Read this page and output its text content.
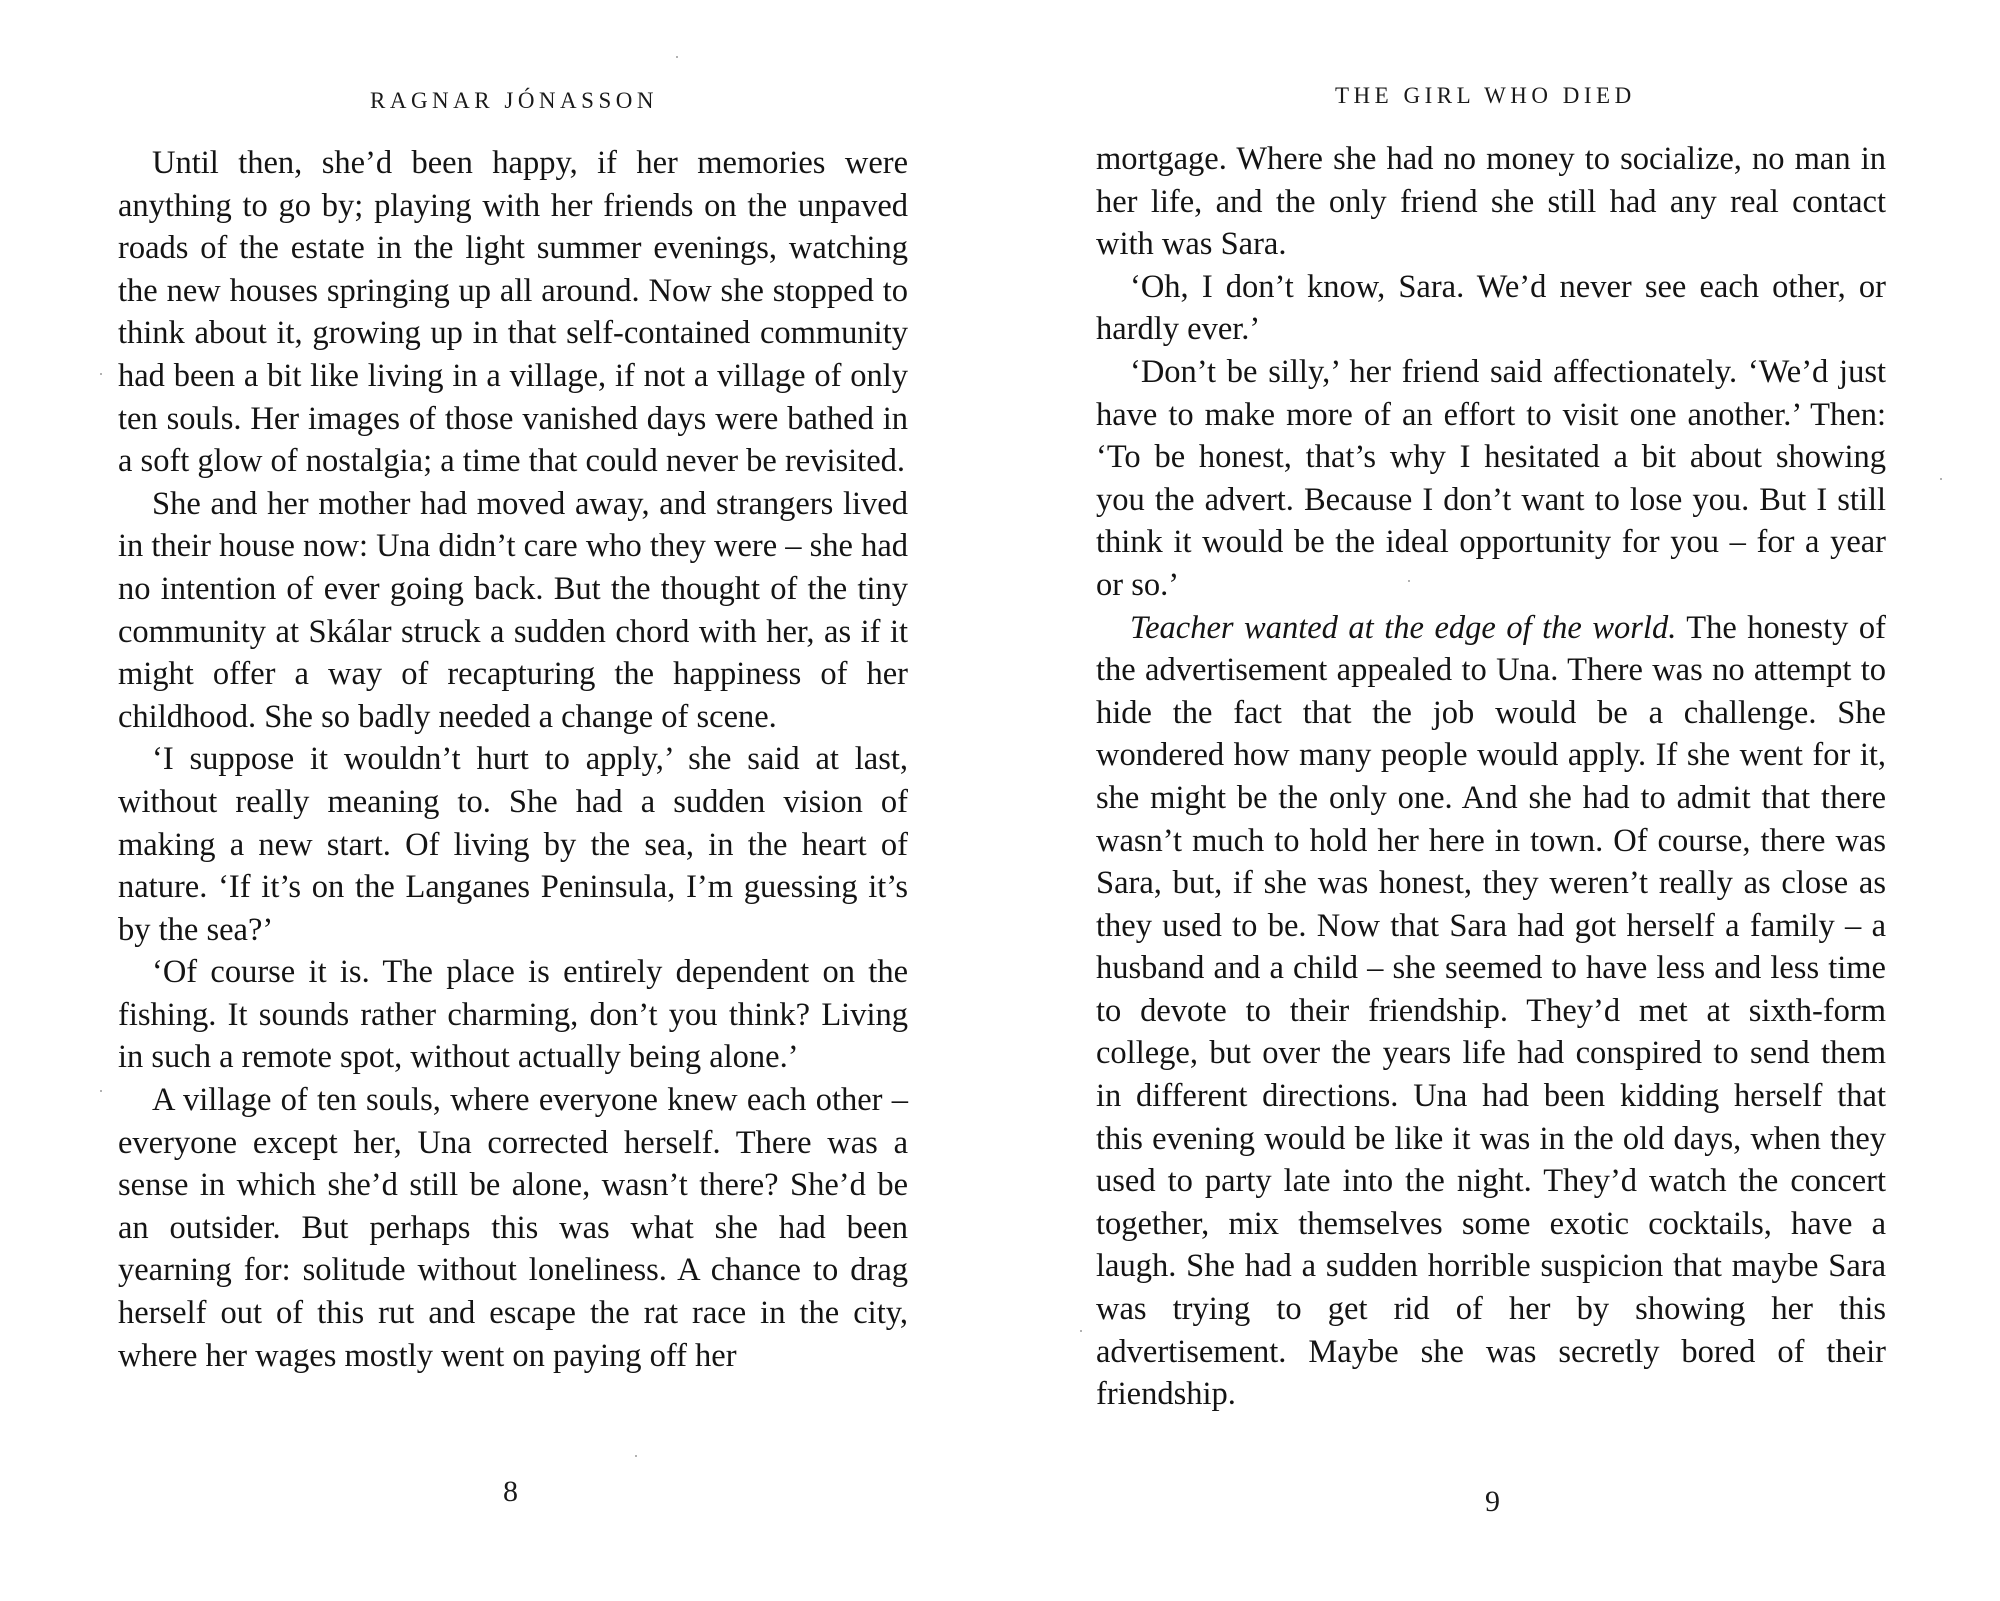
RAGNAR JÓNASSON

Until then, she’d been happy, if her memories were anything to go by; playing with her friends on the unpaved roads of the estate in the light summer evenings, watching the new houses springing up all around. Now she stopped to think about it, growing up in that self-contained community had been a bit like living in a village, if not a village of only ten souls. Her images of those vanished days were bathed in a soft glow of nostalgia; a time that could never be revisited.

She and her mother had moved away, and strangers lived in their house now: Una didn’t care who they were – she had no intention of ever going back. But the thought of the tiny community at Skálar struck a sudden chord with her, as if it might offer a way of recapturing the happiness of her childhood. She so badly needed a change of scene.

‘I suppose it wouldn’t hurt to apply,’ she said at last, without really meaning to. She had a sudden vision of making a new start. Of living by the sea, in the heart of nature. ‘If it’s on the Langanes Peninsula, I’m guessing it’s by the sea?’

‘Of course it is. The place is entirely dependent on the fishing. It sounds rather charming, don’t you think? Living in such a remote spot, without actually being alone.’

A village of ten souls, where everyone knew each other – everyone except her, Una corrected herself. There was a sense in which she’d still be alone, wasn’t there? She’d be an outsider. But perhaps this was what she had been yearning for: solitude without loneliness. A chance to drag herself out of this rut and escape the rat race in the city, where her wages mostly went on paying off her

8
THE GIRL WHO DIED

mortgage. Where she had no money to socialize, no man in her life, and the only friend she still had any real contact with was Sara.

‘Oh, I don’t know, Sara. We’d never see each other, or hardly ever.’

‘Don’t be silly,’ her friend said affectionately. ‘We’d just have to make more of an effort to visit one another.’ Then: ‘To be honest, that’s why I hesitated a bit about showing you the advert. Because I don’t want to lose you. But I still think it would be the ideal opportunity for you – for a year or so.’

Teacher wanted at the edge of the world. The honesty of the advertisement appealed to Una. There was no attempt to hide the fact that the job would be a challenge. She wondered how many people would apply. If she went for it, she might be the only one. And she had to admit that there wasn’t much to hold her here in town. Of course, there was Sara, but, if she was honest, they weren’t really as close as they used to be. Now that Sara had got herself a family – a husband and a child – she seemed to have less and less time to devote to their friendship. They’d met at sixth-form college, but over the years life had conspired to send them in different directions. Una had been kidding herself that this evening would be like it was in the old days, when they used to party late into the night. They’d watch the concert together, mix themselves some exotic cocktails, have a laugh. She had a sudden horrible suspicion that maybe Sara was trying to get rid of her by showing her this advertisement. Maybe she was secretly bored of their friendship.

9
